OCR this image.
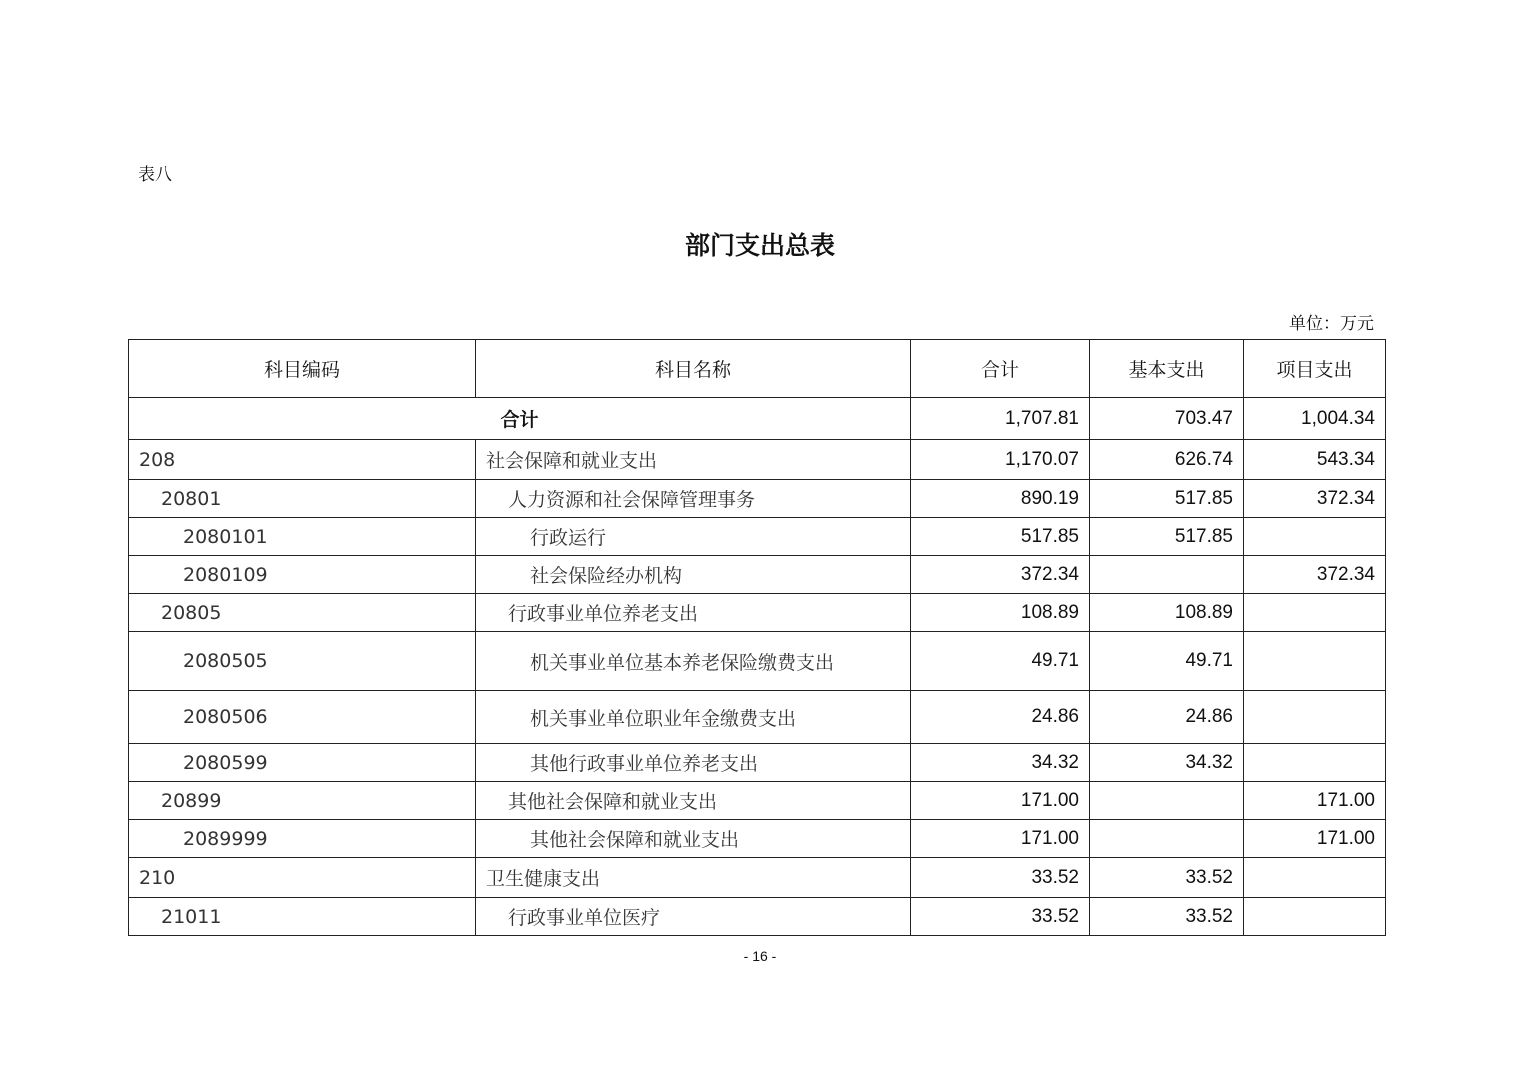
表八
部门支出总表
单位：万元
科目编码	科目名称	合计	基本支出	项目支出
合计		1,707.81	703.47	1,004.34
208	社会保障和就业支出	1,170.07	626.74	543.34
20801	人力资源和社会保障管理事务	890.19	517.85	372.34
2080101	行政运行	517.85	517.85	
2080109	社会保险经办机构	372.34		372.34
20805	行政事业单位养老支出	108.89	108.89	
2080505	机关事业单位基本养老保险缴费支出	49.71	49.71	
2080506	机关事业单位职业年金缴费支出	24.86	24.86	
2080599	其他行政事业单位养老支出	34.32	34.32	
20899	其他社会保障和就业支出	171.00		171.00
2089999	其他社会保障和就业支出	171.00		171.00
210	卫生健康支出	33.52	33.52	
21011	行政事业单位医疗	33.52	33.52	
- 16 -
